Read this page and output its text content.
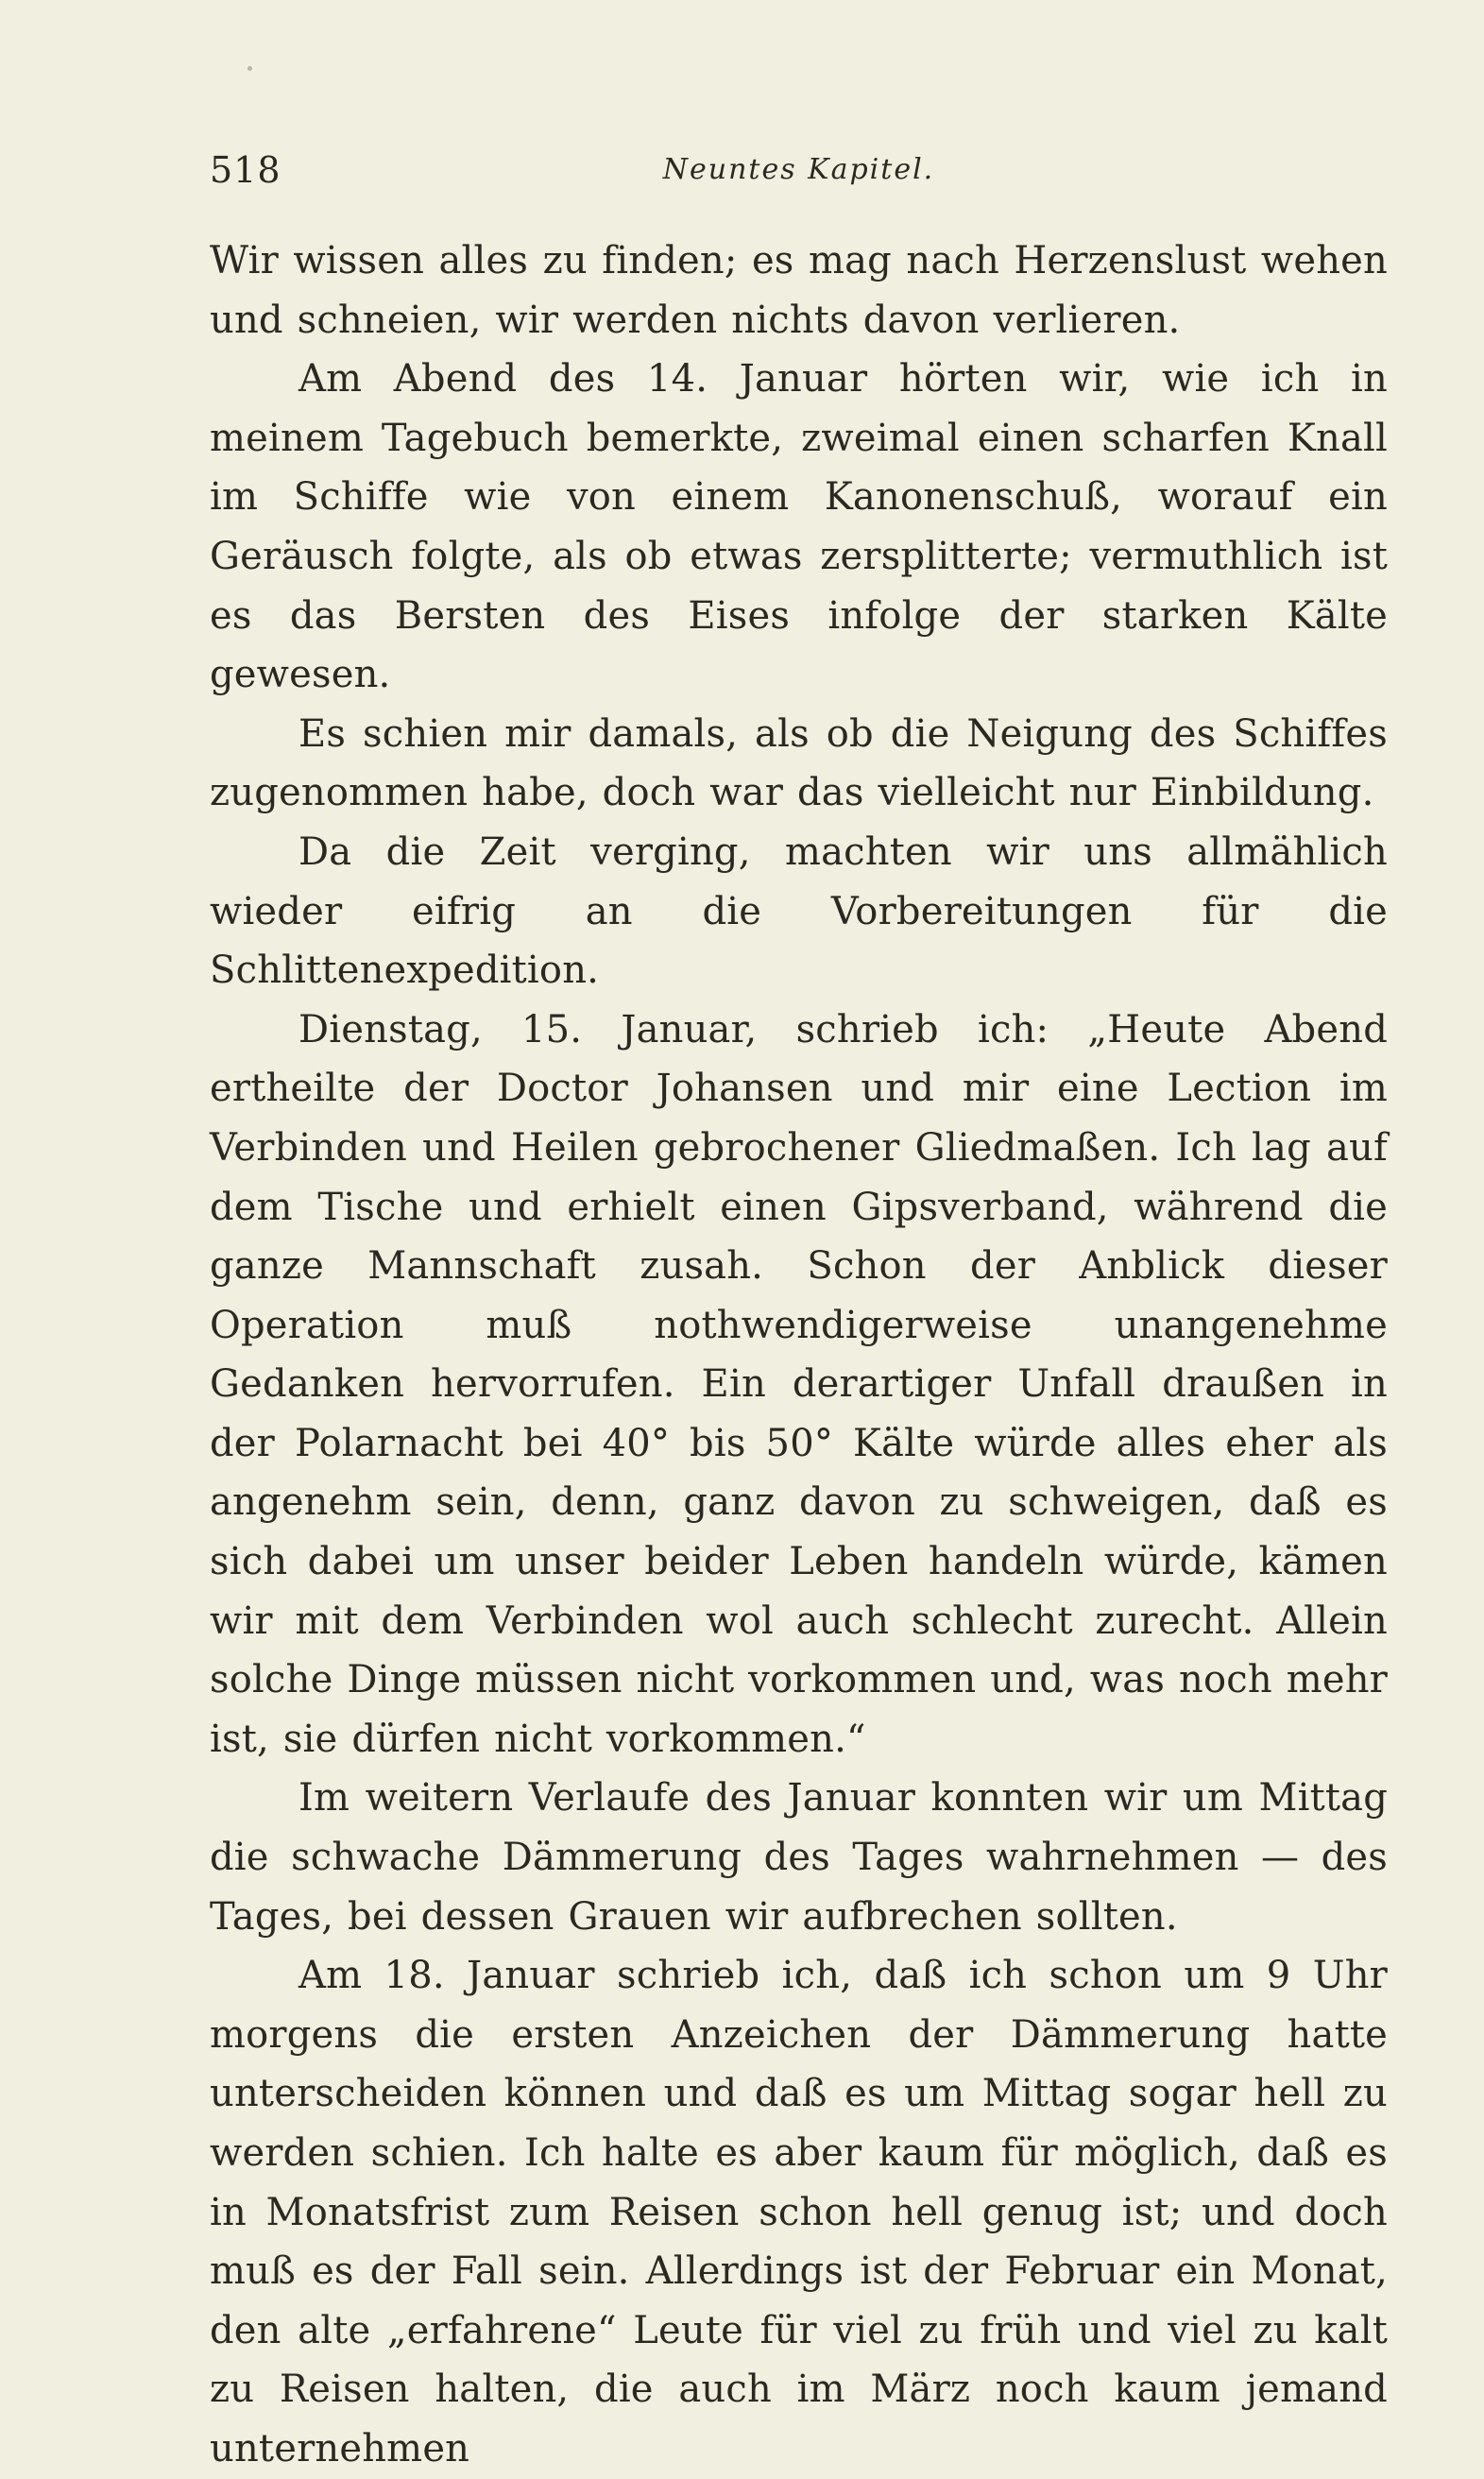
518	Neuntes Kapitel.

Wir wissen alles zu finden; es mag nach Herzenslust wehen und schneien, wir werden nichts davon verlieren.

Am Abend des 14. Januar hörten wir, wie ich in meinem Tagebuch bemerkte, zweimal einen scharfen Knall im Schiffe wie von einem Kanonenschuß, worauf ein Geräusch folgte, als ob etwas zersplitterte; vermuthlich ist es das Bersten des Eises infolge der starken Kälte gewesen.

Es schien mir damals, als ob die Neigung des Schiffes zugenommen habe, doch war das vielleicht nur Einbildung.

Da die Zeit verging, machten wir uns allmählich wieder eifrig an die Vorbereitungen für die Schlittenexpedition.

Dienstag, 15. Januar, schrieb ich: „Heute Abend ertheilte der Doctor Johansen und mir eine Lection im Verbinden und Heilen gebrochener Gliedmaßen. Ich lag auf dem Tische und erhielt einen Gipsverband, während die ganze Mannschaft zusah. Schon der Anblick dieser Operation muß nothwendigerweise unangenehme Gedanken hervorrufen. Ein derartiger Unfall draußen in der Polarnacht bei 40° bis 50° Kälte würde alles eher als angenehm sein, denn, ganz davon zu schweigen, daß es sich dabei um unser beider Leben handeln würde, kämen wir mit dem Verbinden wol auch schlecht zurecht. Allein solche Dinge müssen nicht vorkommen und, was noch mehr ist, sie dürfen nicht vorkommen.“

Im weitern Verlaufe des Januar konnten wir um Mittag die schwache Dämmerung des Tages wahrnehmen — des Tages, bei dessen Grauen wir aufbrechen sollten.

Am 18. Januar schrieb ich, daß ich schon um 9 Uhr morgens die ersten Anzeichen der Dämmerung hatte unterscheiden können und daß es um Mittag sogar hell zu werden schien. Ich halte es aber kaum für möglich, daß es in Monatsfrist zum Reisen schon hell genug ist; und doch muß es der Fall sein. Allerdings ist der Februar ein Monat, den alte „erfahrene“ Leute für viel zu früh und viel zu kalt zu Reisen halten, die auch im März noch kaum jemand unternehmen
